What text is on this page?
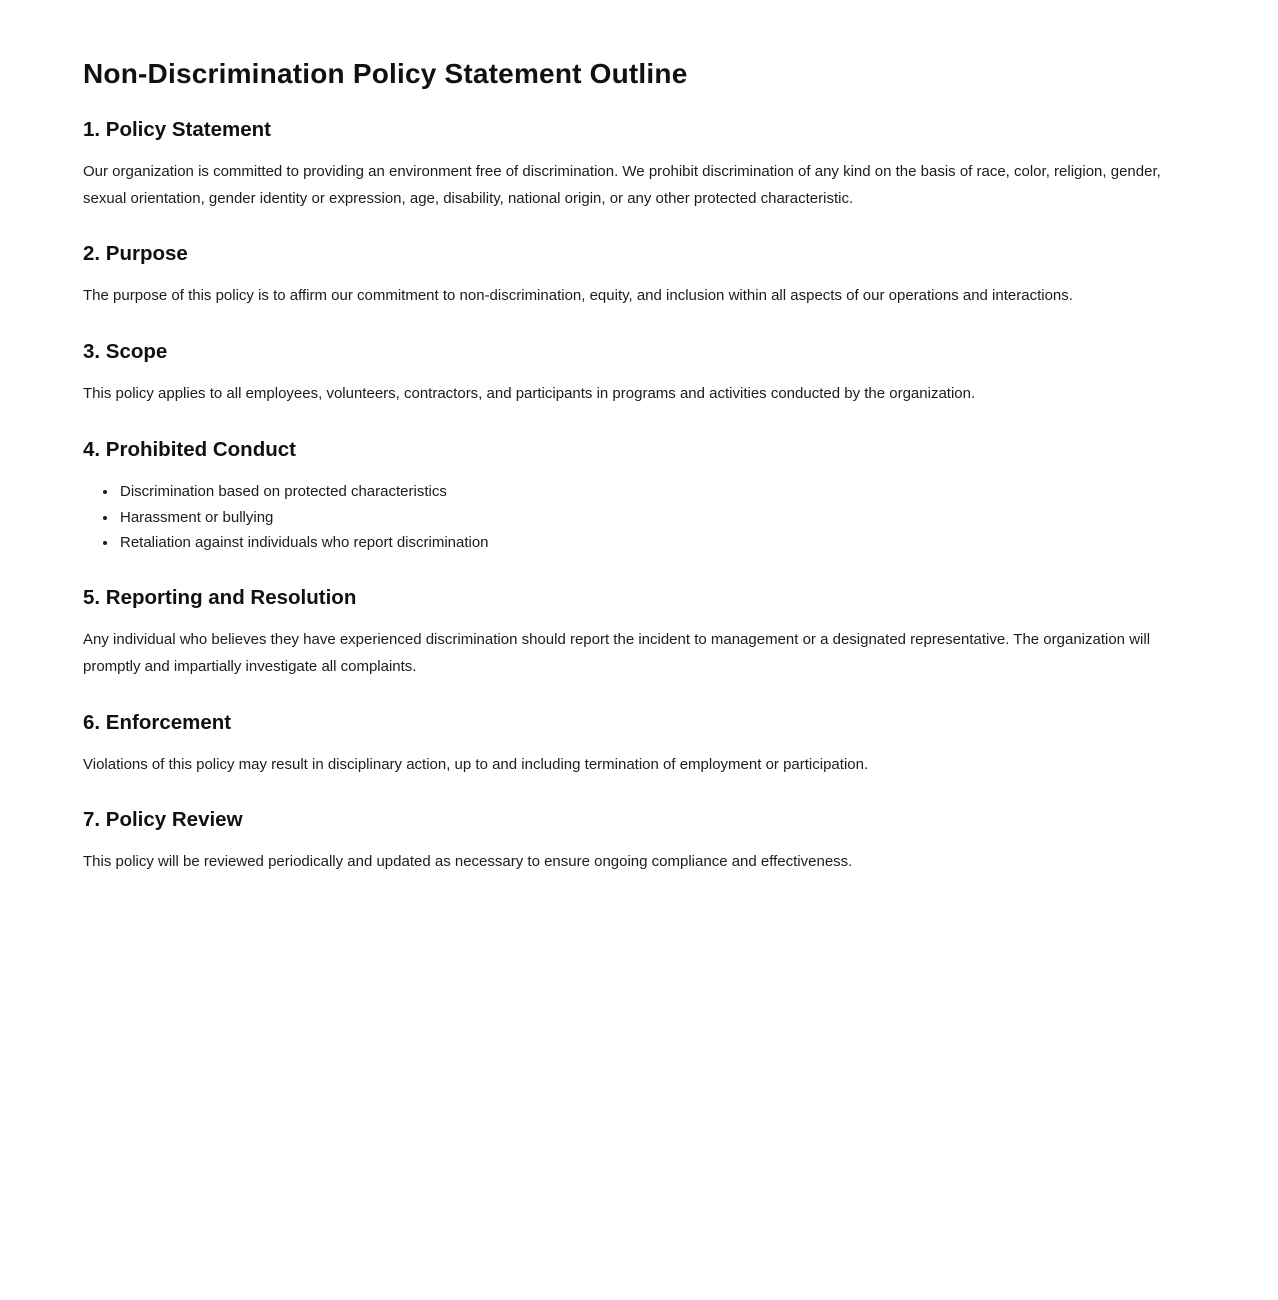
Non-Discrimination Policy Statement Outline
1. Policy Statement

Our organization is committed to providing an environment free of discrimination. We prohibit discrimination of any kind on the basis of race, color, religion, gender, sexual orientation, gender identity or expression, age, disability, national origin, or any other protected characteristic.

2. Purpose

The purpose of this policy is to affirm our commitment to non-discrimination, equity, and inclusion within all aspects of our operations and interactions.

3. Scope

This policy applies to all employees, volunteers, contractors, and participants in programs and activities conducted by the organization.

4. Prohibited Conduct
• Discrimination based on protected characteristics
• Harassment or bullying
• Retaliation against individuals who report discrimination
5. Reporting and Resolution

Any individual who believes they have experienced discrimination should report the incident to management or a designated representative. The organization will promptly and impartially investigate all complaints.

6. Enforcement

Violations of this policy may result in disciplinary action, up to and including termination of employment or participation.

7. Policy Review

This policy will be reviewed periodically and updated as necessary to ensure ongoing compliance and effectiveness.
